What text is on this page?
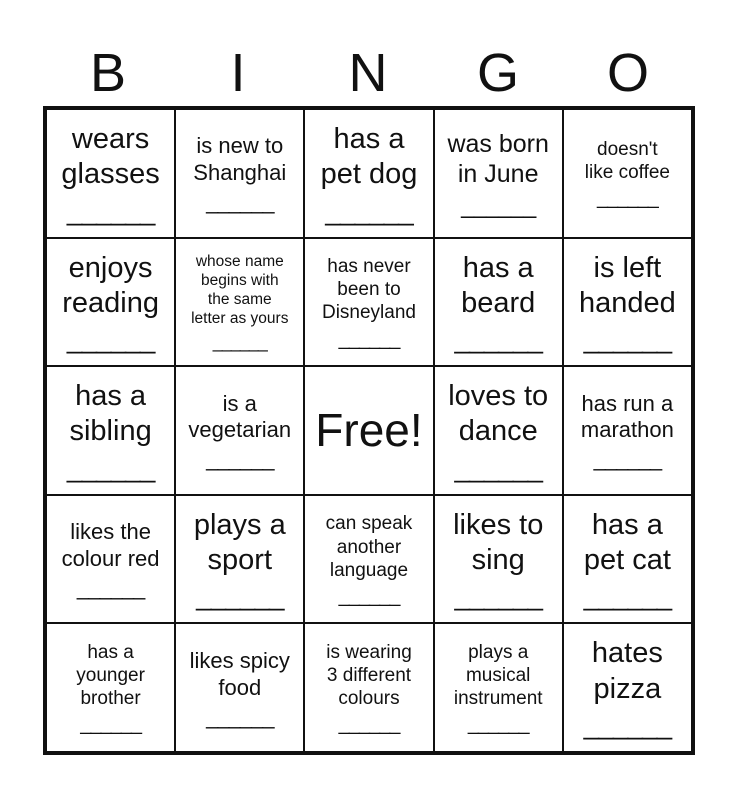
B	I	N	G	O
wears
glasses
______
is new to
Shanghai
______
has a
pet dog
______
was born
in June
______
doesn't
like coffee
______
enjoys
reading
______
whose name
begins with
the same
letter as yours
______
has never
been to
Disneyland
______
has a
beard
______
is left
handed
______
has a
sibling
______
is a
vegetarian
______
Free!
loves to
dance
______
has run a
marathon
______
likes the
colour red
______
plays a
sport
______
can speak
another
language
______
likes to
sing
______
has a
pet cat
______
has a
younger
brother
______
likes spicy
food
______
is wearing
3 different
colours
______
plays a
musical
instrument
______
hates
pizza
______
